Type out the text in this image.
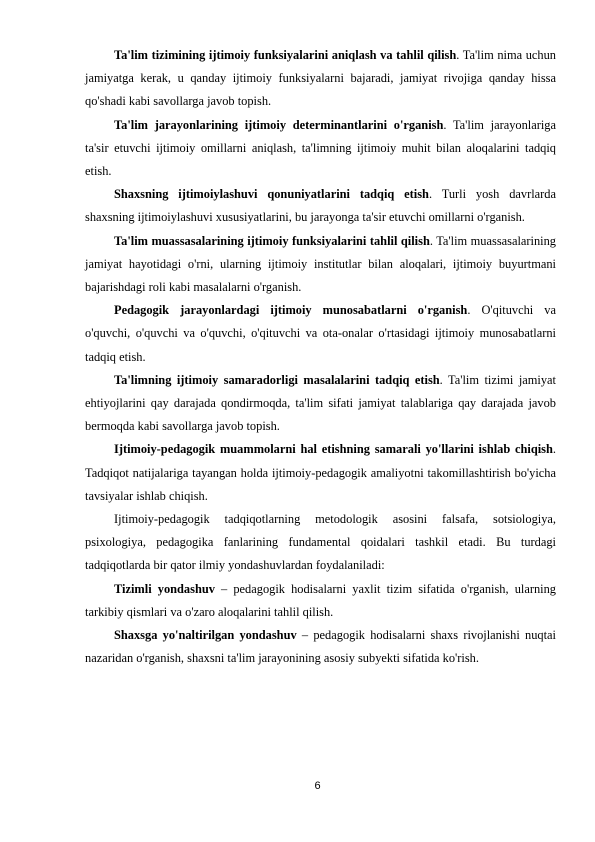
Ta'lim tizimining ijtimoiy funksiyalarini aniqlash va tahlil qilish. Ta'lim nima uchun jamiyatga kerak, u qanday ijtimoiy funksiyalarni bajaradi, jamiyat rivojiga qanday hissa qo'shadi kabi savollarga javob topish.

Ta'lim jarayonlarining ijtimoiy determinantlarini o'rganish. Ta'lim jarayonlariga ta'sir etuvchi ijtimoiy omillarni aniqlash, ta'limning ijtimoiy muhit bilan aloqalarini tadqiq etish.

Shaxsning ijtimoiylashuvi qonuniyatlarini tadqiq etish. Turli yosh davrlarda shaxsning ijtimoiylashuvi xususiyatlarini, bu jarayonga ta'sir etuvchi omillarni o'rganish.

Ta'lim muassasalarining ijtimoiy funksiyalarini tahlil qilish. Ta'lim muassasalarining jamiyat hayotidagi o'rni, ularning ijtimoiy institutlar bilan aloqalari, ijtimoiy buyurtmani bajarishdagi roli kabi masalalarni o'rganish.

Pedagogik jarayonlardagi ijtimoiy munosabatlarni o'rganish. O'qituvchi va o'quvchi, o'quvchi va o'quvchi, o'qituvchi va ota-onalar o'rtasidagi ijtimoiy munosabatlarni tadqiq etish.

Ta'limning ijtimoiy samaradorligi masalalarini tadqiq etish. Ta'lim tizimi jamiyat ehtiyojlarini qay darajada qondirmoqda, ta'lim sifati jamiyat talablariga qay darajada javob bermoqda kabi savollarga javob topish.

Ijtimoiy-pedagogik muammolarni hal etishning samarali yo'llarini ishlab chiqish. Tadqiqot natijalariga tayangan holda ijtimoiy-pedagogik amaliyotni takomillashtirish bo'yicha tavsiyalar ishlab chiqish.

Ijtimoiy-pedagogik tadqiqotlarning metodologik asosini falsafa, sotsiologiya, psixologiya, pedagogika fanlarining fundamental qoidalari tashkil etadi. Bu turdagi tadqiqotlarda bir qator ilmiy yondashuvlardan foydalaniladi:

Tizimli yondashuv – pedagogik hodisalarni yaxlit tizim sifatida o'rganish, ularning tarkibiy qismlari va o'zaro aloqalarini tahlil qilish.

Shaxsga yo'naltirilgan yondashuv – pedagogik hodisalarni shaxs rivojlanishi nuqtai nazaridan o'rganish, shaxsni ta'lim jarayonining asosiy subyekti sifatida ko'rish.

6
